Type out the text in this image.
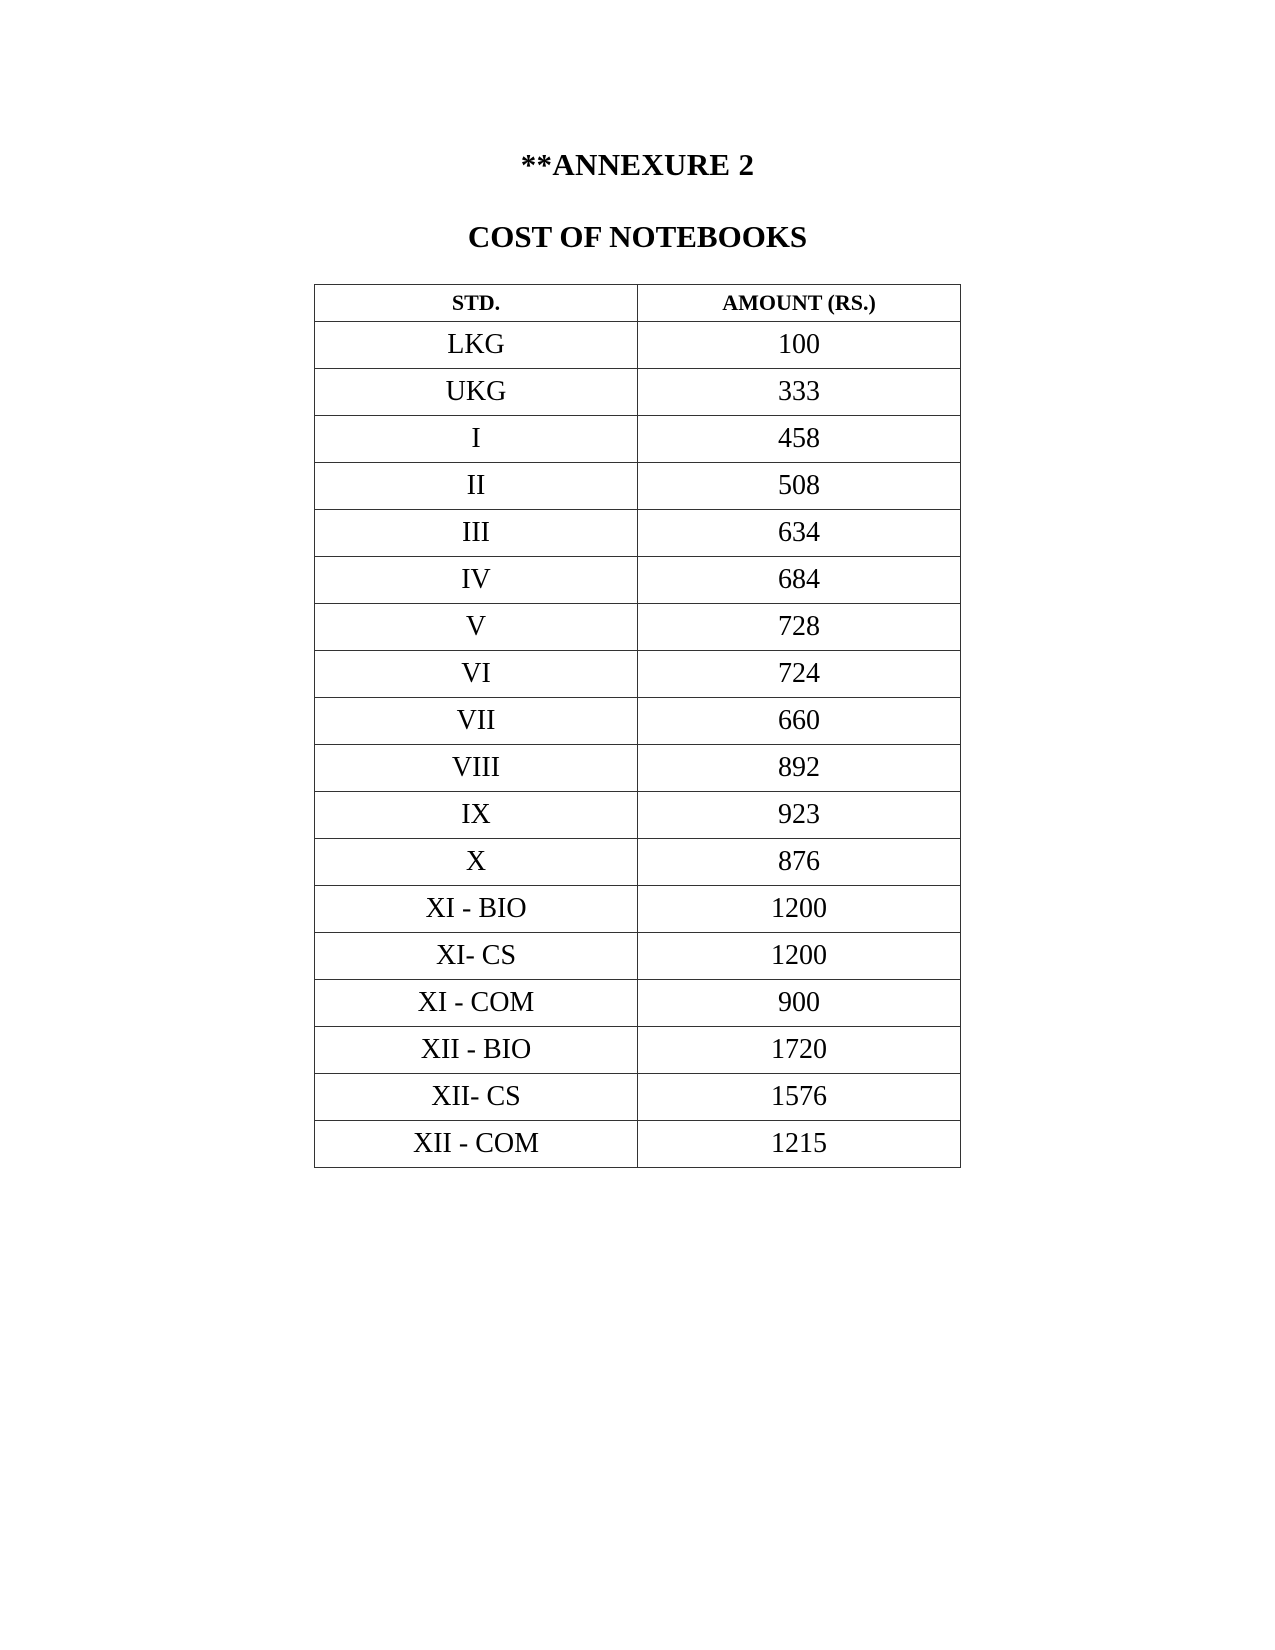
**ANNEXURE 2
COST OF NOTEBOOKS
STD.	AMOUNT (RS.)
LKG	100
UKG	333
I	458
II	508
III	634
IV	684
V	728
VI	724
VII	660
VIII	892
IX	923
X	876
XI - BIO	1200
XI- CS	1200
XI - COM	900
XII - BIO	1720
XII- CS	1576
XII - COM	1215
